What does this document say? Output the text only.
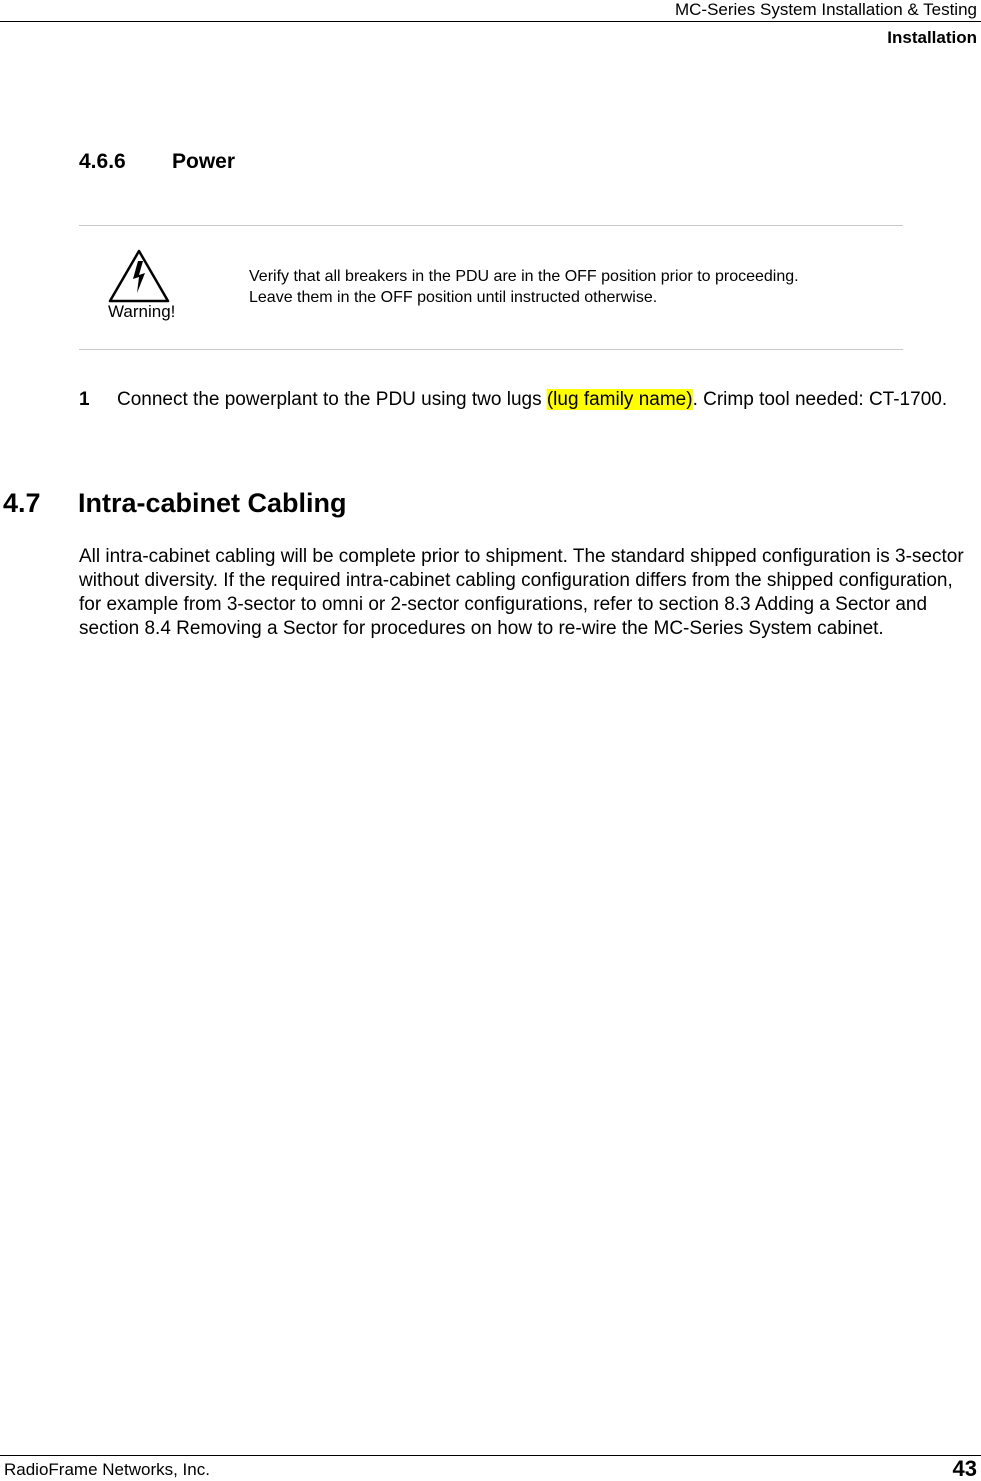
MC-Series System Installation & Testing
Installation
4.6.6 Power
Warning!
Verify that all breakers in the PDU are in the OFF position prior to proceeding.
Leave them in the OFF position until instructed otherwise.
1 Connect the powerplant to the PDU using two lugs (lug family name). Crimp tool needed: CT-1700.
4.7 Intra-cabinet Cabling
All intra-cabinet cabling will be complete prior to shipment. The standard shipped configuration is 3-sector without diversity. If the required intra-cabinet cabling configuration differs from the shipped configuration, for example from 3-sector to omni or 2-sector configurations, refer to section 8.3 Adding a Sector and section 8.4 Removing a Sector for procedures on how to re-wire the MC-Series System cabinet.
RadioFrame Networks, Inc.	43
